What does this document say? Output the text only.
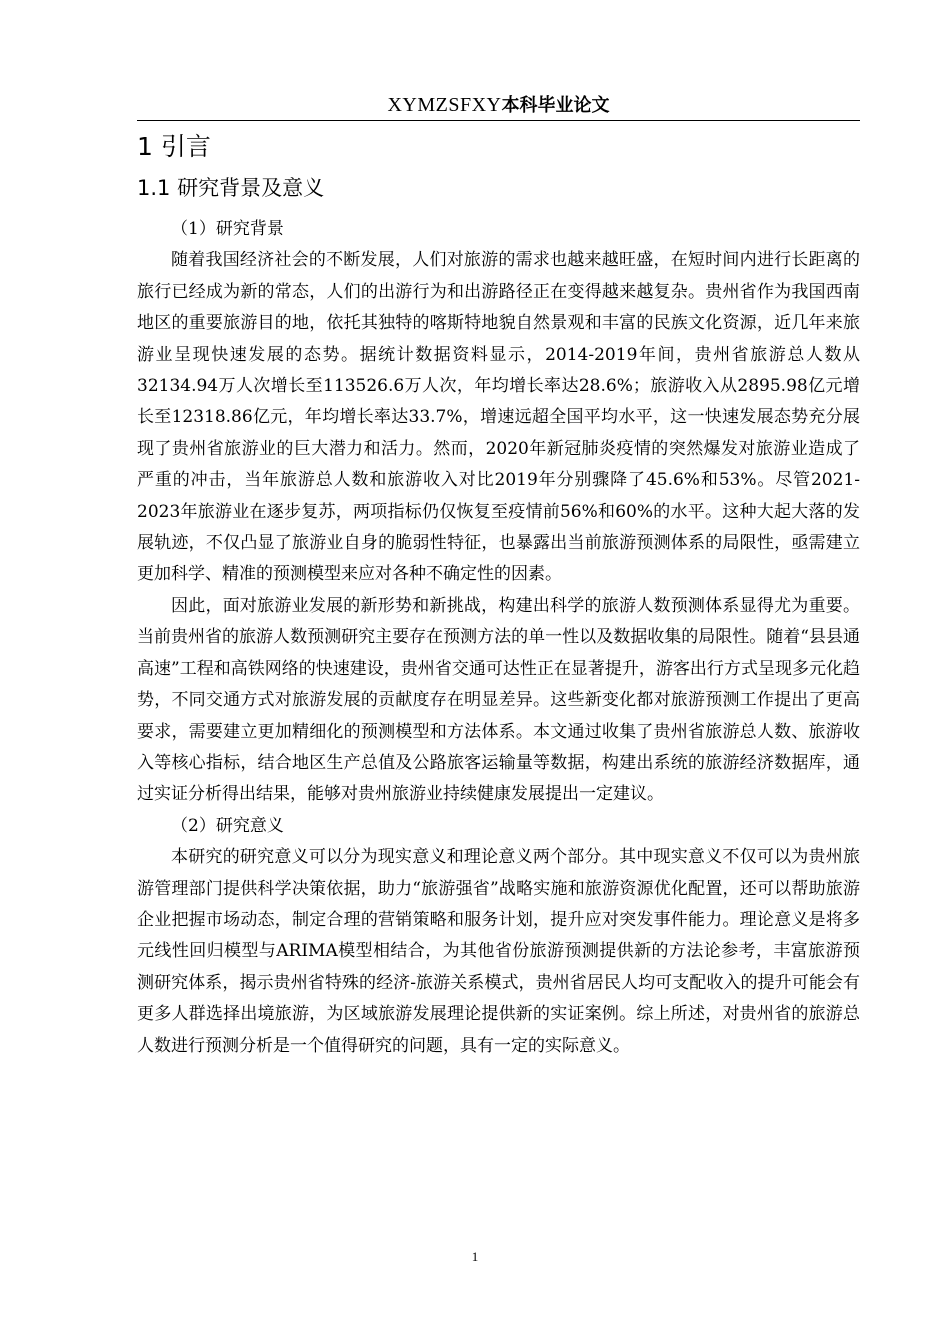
XYMZSFXY本科毕业论文
1 引言
1.1 研究背景及意义

（1）研究背景

随着我国经济社会的不断发展，人们对旅游的需求也越来越旺盛，在短时间内进行长距离的旅行已经成为新的常态，人们的出游行为和出游路径正在变得越来越复杂。贵州省作为我国西南地区的重要旅游目的地，依托其独特的喀斯特地貌自然景观和丰富的民族文化资源，近几年来旅游业呈现快速发展的态势。据统计数据资料显示，2014-2019年间，贵州省旅游总人数从32134.94万人次增长至113526.6万人次，年均增长率达28.6%；旅游收入从2895.98亿元增长至12318.86亿元，年均增长率达33.7%，增速远超全国平均水平，这一快速发展态势充分展现了贵州省旅游业的巨大潜力和活力。然而，2020年新冠肺炎疫情的突然爆发对旅游业造成了严重的冲击，当年旅游总人数和旅游收入对比2019年分别骤降了45.6%和53%。尽管2021-2023年旅游业在逐步复苏，两项指标仍仅恢复至疫情前56%和60%的水平。这种大起大落的发展轨迹，不仅凸显了旅游业自身的脆弱性特征，也暴露出当前旅游预测体系的局限性，亟需建立更加科学、精准的预测模型来应对各种不确定性的因素。

因此，面对旅游业发展的新形势和新挑战，构建出科学的旅游人数预测体系显得尤为重要。当前贵州省的旅游人数预测研究主要存在预测方法的单一性以及数据收集的局限性。随着“县县通高速”工程和高铁网络的快速建设，贵州省交通可达性正在显著提升，游客出行方式呈现多元化趋势，不同交通方式对旅游发展的贡献度存在明显差异。这些新变化都对旅游预测工作提出了更高要求，需要建立更加精细化的预测模型和方法体系。本文通过收集了贵州省旅游总人数、旅游收入等核心指标，结合地区生产总值及公路旅客运输量等数据，构建出系统的旅游经济数据库，通过实证分析得出结果，能够对贵州旅游业持续健康发展提出一定建议。

（2）研究意义

本研究的研究意义可以分为现实意义和理论意义两个部分。其中现实意义不仅可以为贵州旅游管理部门提供科学决策依据，助力“旅游强省”战略实施和旅游资源优化配置，还可以帮助旅游企业把握市场动态，制定合理的营销策略和服务计划，提升应对突发事件能力。理论意义是将多元线性回归模型与ARIMA模型相结合，为其他省份旅游预测提供新的方法论参考，丰富旅游预测研究体系，揭示贵州省特殊的经济-旅游关系模式，贵州省居民人均可支配收入的提升可能会有更多人群选择出境旅游，为区域旅游发展理论提供新的实证案例。综上所述，对贵州省的旅游总人数进行预测分析是一个值得研究的问题，具有一定的实际意义。

1
